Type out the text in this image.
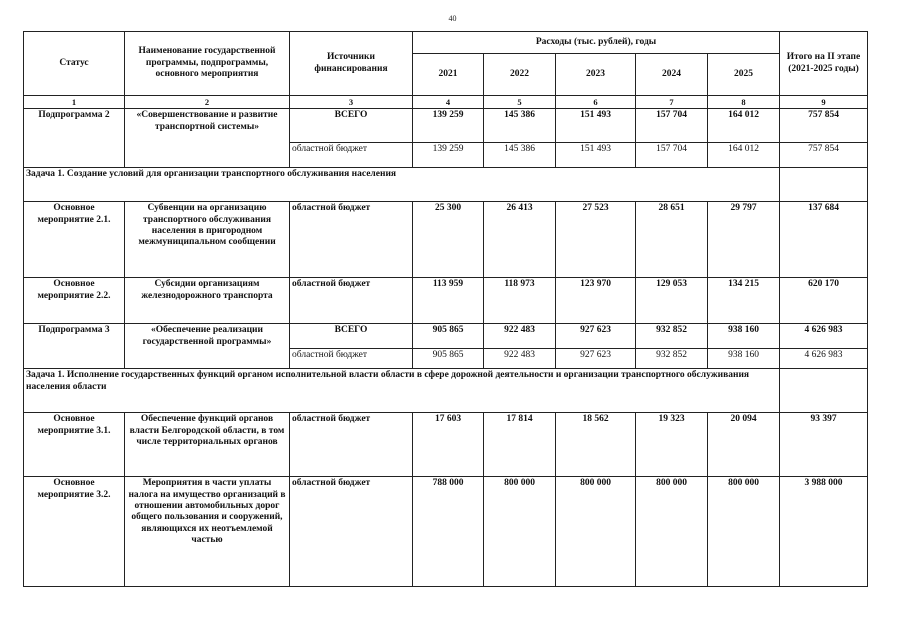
40
Статус	Наименование государственной программы, подпрограммы, основного мероприятия	Источники финансирования	Расходы (тыс. рублей), годы					Итого на II этапе (2021-2025 годы)
			2021	2022	2023	2024	2025	
1	2	3	4	5	6	7	8	9
Подпрограмма 2	«Совершенствование и развитие транспортной системы»	ВСЕГО	139 259	145 386	151 493	157 704	164 012	757 854
		областной бюджет	139 259	145 386	151 493	157 704	164 012	757 854
Задача 1. Создание условий для организации транспортного обслуживания населения								
Основное мероприятие 2.1.	Субвенции на организацию транспортного обслуживания населения в пригородном межмуниципальном сообщении	областной бюджет	25 300	26 413	27 523	28 651	29 797	137 684
Основное мероприятие 2.2.	Субсидии организациям железнодорожного транспорта	областной бюджет	113 959	118 973	123 970	129 053	134 215	620 170
Подпрограмма 3	«Обеспечение реализации государственной программы»	ВСЕГО	905 865	922 483	927 623	932 852	938 160	4 626 983
		областной бюджет	905 865	922 483	927 623	932 852	938 160	4 626 983
Задача 1. Исполнение государственных функций органом исполнительной власти области в сфере дорожной деятельности и организации транспортного обслуживания населения области								
Основное мероприятие 3.1.	Обеспечение функций органов власти Белгородской области, в том числе территориальных органов	областной бюджет	17 603	17 814	18 562	19 323	20 094	93 397
Основное мероприятие 3.2.	Мероприятия в части уплаты налога на имущество организаций в отношении автомобильных дорог общего пользования и сооружений, являющихся их неотъемлемой частью	областной бюджет	788 000	800 000	800 000	800 000	800 000	3 988 000
